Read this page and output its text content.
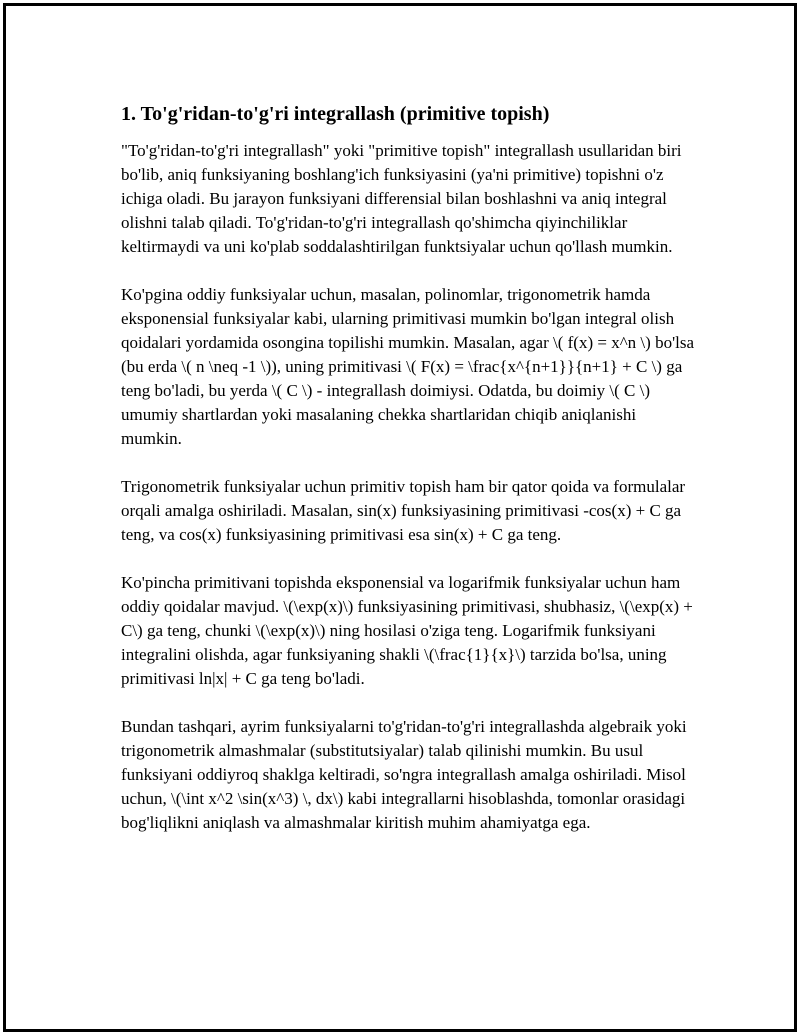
1. To'g'ridan-to'g'ri integrallash (primitive topish)

"To'g'ridan-to'g'ri integrallash" yoki "primitive topish" integrallash usullaridan biri bo'lib, aniq funksiyaning boshlang'ich funksiyasini (ya'ni primitive) topishni o'z ichiga oladi. Bu jarayon funksiyani differensial bilan boshlashni va aniq integral olishni talab qiladi. To'g'ridan-to'g'ri integrallash qo'shimcha qiyinchiliklar keltirmaydi va uni ko'plab soddalashtirilgan funktsiyalar uchun qo'llash mumkin.

Ko'pgina oddiy funksiyalar uchun, masalan, polinomlar, trigonometrik hamda eksponensial funksiyalar kabi, ularning primitivasi mumkin bo'lgan integral olish qoidalari yordamida osongina topilishi mumkin. Masalan, agar \( f(x) = x^n \) bo'lsa (bu erda \( n \neq -1 \)), uning primitivasi \( F(x) = \frac{x^{n+1}}{n+1} + C \) ga teng bo'ladi, bu yerda \( C \) - integrallash doimiysi. Odatda, bu doimiy \( C \) umumiy shartlardan yoki masalaning chekka shartlaridan chiqib aniqlanishi mumkin.

Trigonometrik funksiyalar uchun primitiv topish ham bir qator qoida va formulalar orqali amalga oshiriladi. Masalan, sin(x) funksiyasining primitivasi -cos(x) + C ga teng, va cos(x) funksiyasining primitivasi esa sin(x) + C ga teng.

Ko'pincha primitivani topishda eksponensial va logarifmik funksiyalar uchun ham oddiy qoidalar mavjud. \(\exp(x)\) funksiyasining primitivasi, shubhasiz, \(\exp(x) + C\) ga teng, chunki \(\exp(x)\) ning hosilasi o'ziga teng. Logarifmik funksiyani integralini olishda, agar funksiyaning shakli \(\frac{1}{x}\) tarzida bo'lsa, uning primitivasi ln|x| + C ga teng bo'ladi.

Bundan tashqari, ayrim funksiyalarni to'g'ridan-to'g'ri integrallashda algebraik yoki trigonometrik almashmalar (substitutsiyalar) talab qilinishi mumkin. Bu usul funksiyani oddiyroq shaklga keltiradi, so'ngra integrallash amalga oshiriladi. Misol uchun, \(\int x^2 \sin(x^3) \, dx\) kabi integrallarni hisoblashda, tomonlar orasidagi bog'liqlikni aniqlash va almashmalar kiritish muhim ahamiyatga ega.
